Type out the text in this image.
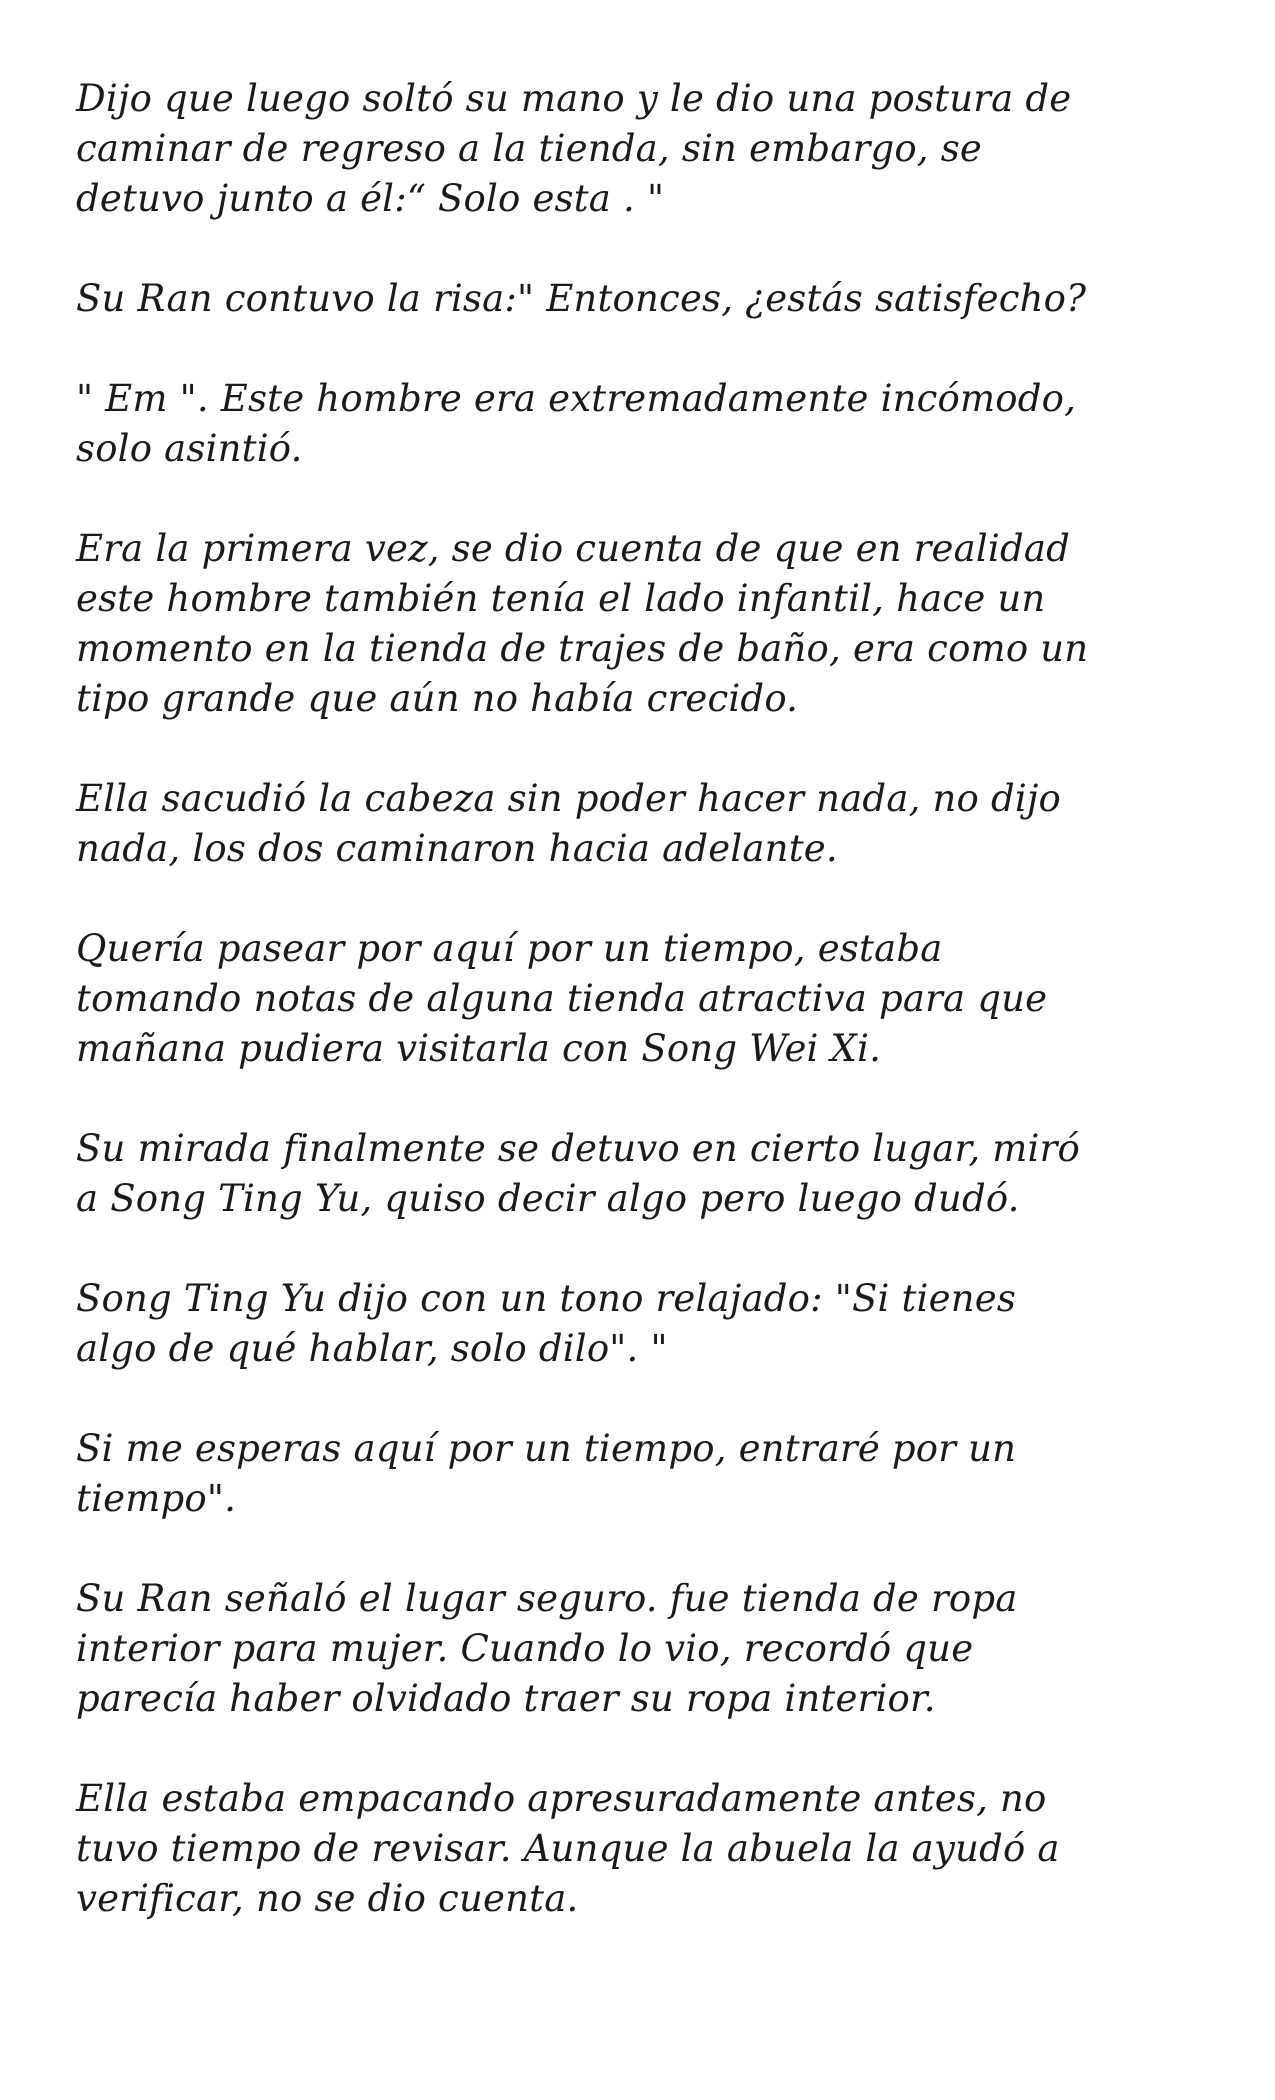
Dijo que luego soltó su mano y le dio una postura de
caminar de regreso a la tienda, sin embargo, se
detuvo junto a él:“ Solo esta . "

Su Ran contuvo la risa:" Entonces, ¿estás satisfecho?

" Em ". Este hombre era extremadamente incómodo,
solo asintió.

Era la primera vez, se dio cuenta de que en realidad
este hombre también tenía el lado infantil, hace un
momento en la tienda de trajes de baño, era como un
tipo grande que aún no había crecido.

Ella sacudió la cabeza sin poder hacer nada, no dijo
nada, los dos caminaron hacia adelante.

Quería pasear por aquí por un tiempo, estaba
tomando notas de alguna tienda atractiva para que
mañana pudiera visitarla con Song Wei Xi.

Su mirada finalmente se detuvo en cierto lugar, miró
a Song Ting Yu, quiso decir algo pero luego dudó.

Song Ting Yu dijo con un tono relajado: "Si tienes
algo de qué hablar, solo dilo". "

Si me esperas aquí por un tiempo, entraré por un
tiempo".

Su Ran señaló el lugar seguro. fue tienda de ropa
interior para mujer. Cuando lo vio, recordó que
parecía haber olvidado traer su ropa interior.

Ella estaba empacando apresuradamente antes, no
tuvo tiempo de revisar. Aunque la abuela la ayudó a
verificar, no se dio cuenta.
